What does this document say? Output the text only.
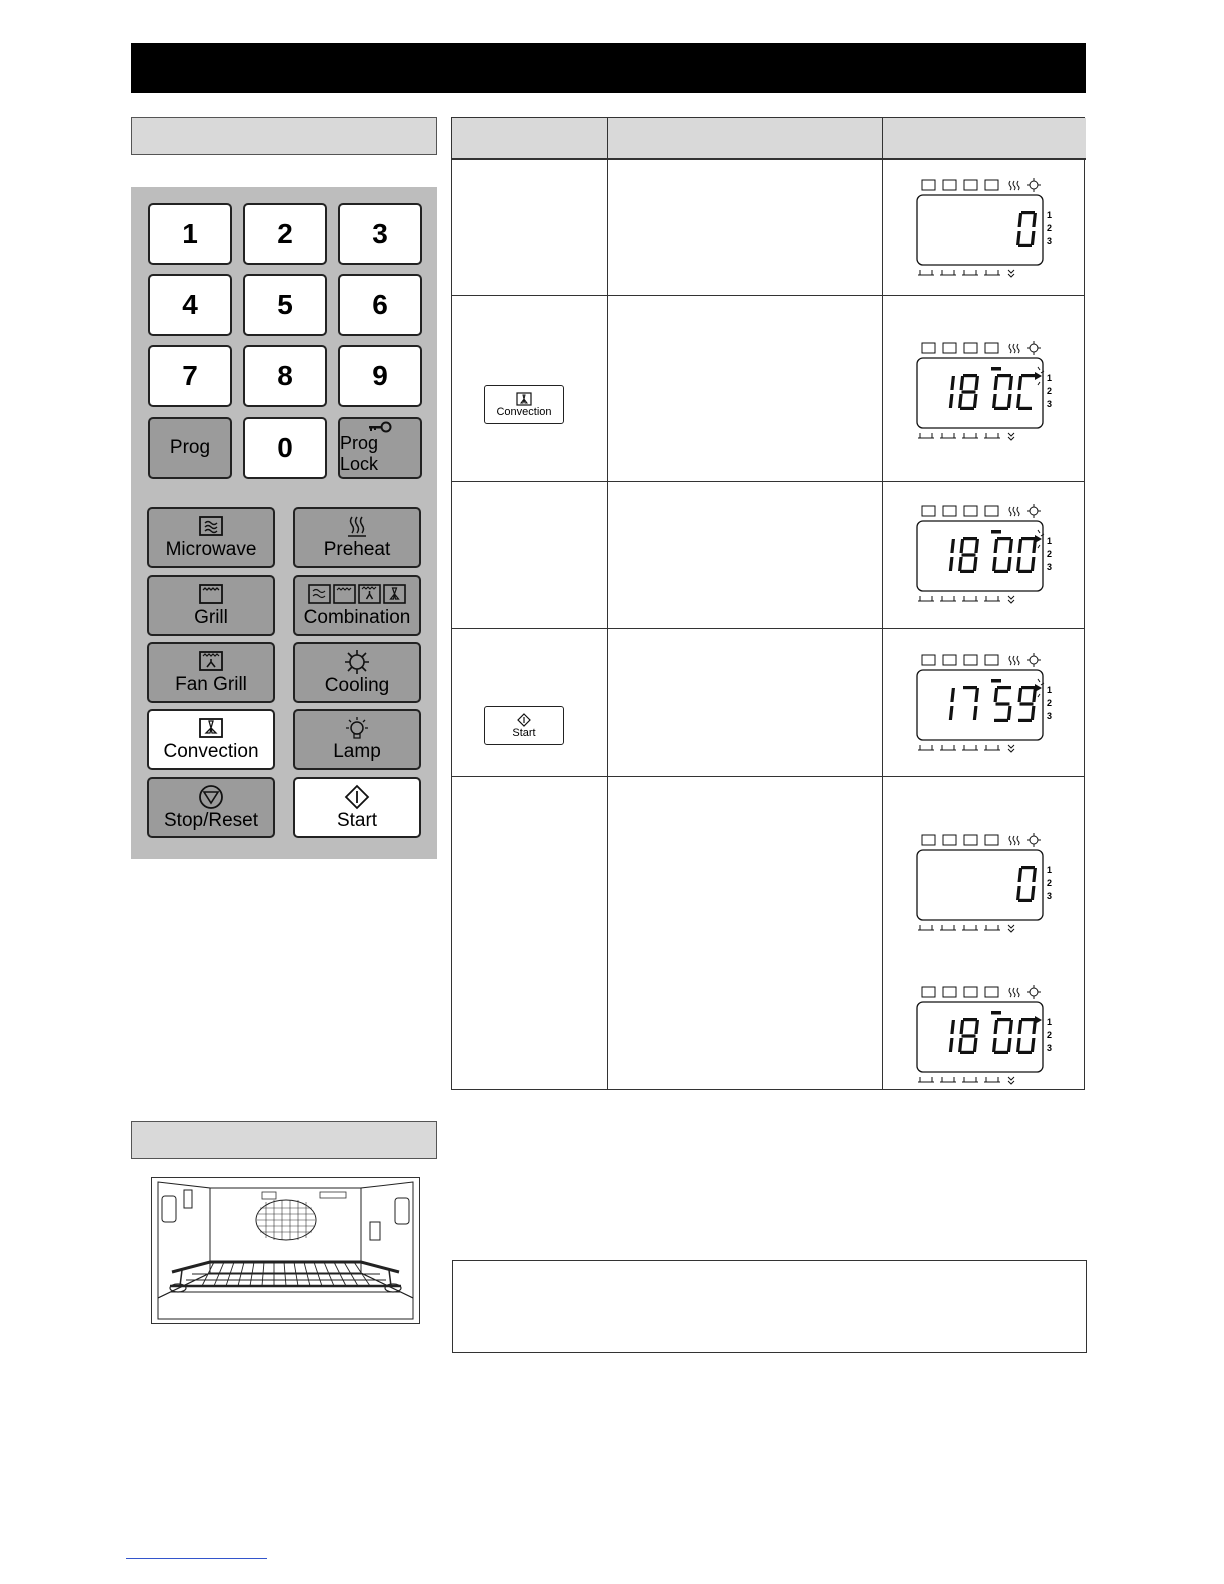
1	2	3
4	5	6
7	8	9
Prog 0	Prog Lock
Microwave	Preheat
Grill	Combination
Fan Grill	Cooling
Convection	Lamp
Stop/Reset	Start
Convection
Start
1
2
3
1
2
3
1
2
3
1
2
3
1
2
3
1
2
3
